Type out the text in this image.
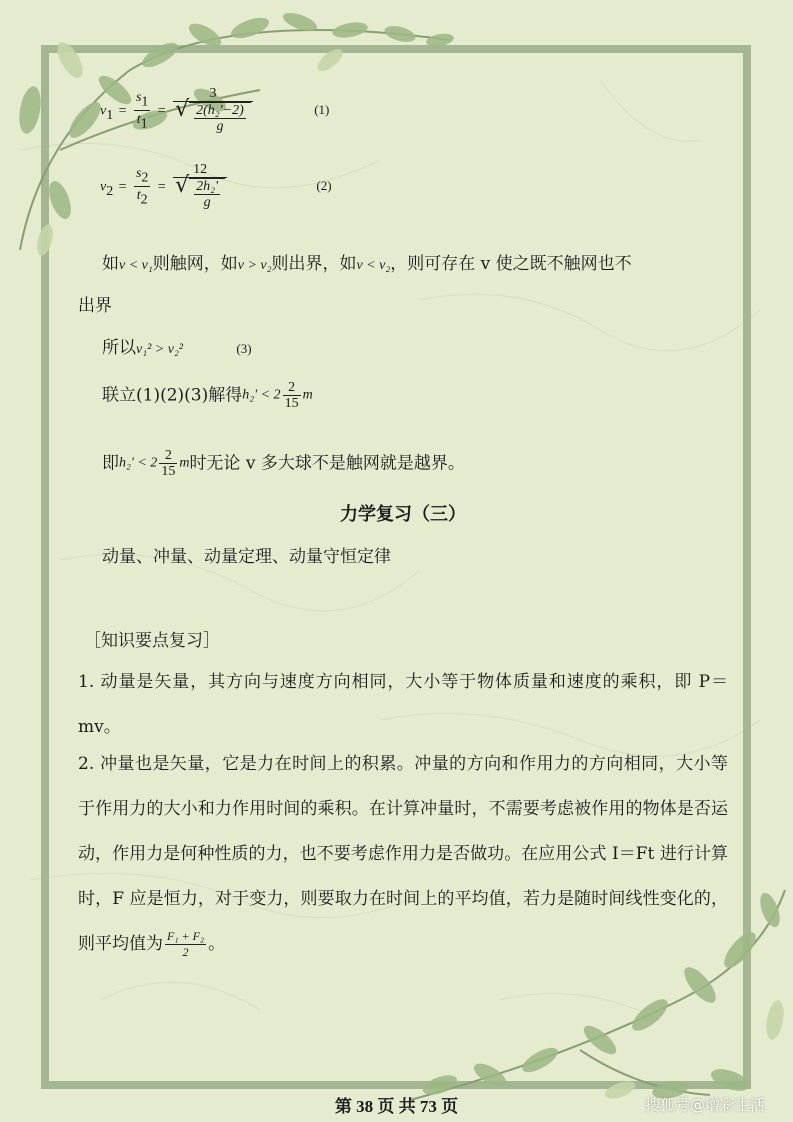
$v_1 = \frac{s_1}{t_1} = \frac{3}{√ \frac{\text{2(h₂'−2)}}{g}}$	(1)
$v_2 = \frac{s_2}{t_2} = \frac{12}{√ \frac{\text{2h₂'}}{g}}$	(2)
如v < v₁则触网，如v > v₂则出界，如v < v₂，则可存在 v 使之既不触网也不
出界
所以v₁² > v₂²	(3)
联立(1)(2)(3)解得$h_2' < 2 \frac{2}{15}$ m
即$h_2' < 2 \frac{2}{15}$ m时无论 v 多大球不是触网就是越界。
力学复习（三）
动量、冲量、动量定理、动量守恒定律
［知识要点复习］
1. 动量是矢量，其方向与速度方向相同，大小等于物体质量和速度的乘积，即 P＝mv。
2. 冲量也是矢量，它是力在时间上的积累。冲量的方向和作用力的方向相同，大小等于作用力的大小和力作用时间的乘积。在计算冲量时，不需要考虑被作用的物体是否运动，作用力是何种性质的力，也不要考虑作用力是否做功。在应用公式 I＝Ft 进行计算时，F 应是恒力，对于变力，则要取力在时间上的平均值，若力是随时间线性变化的，则平均值为 $\frac{\text{F₁ + F₂}}{2}$ 。
第 38 页 共 73 页	搜狐号@增彩生活
